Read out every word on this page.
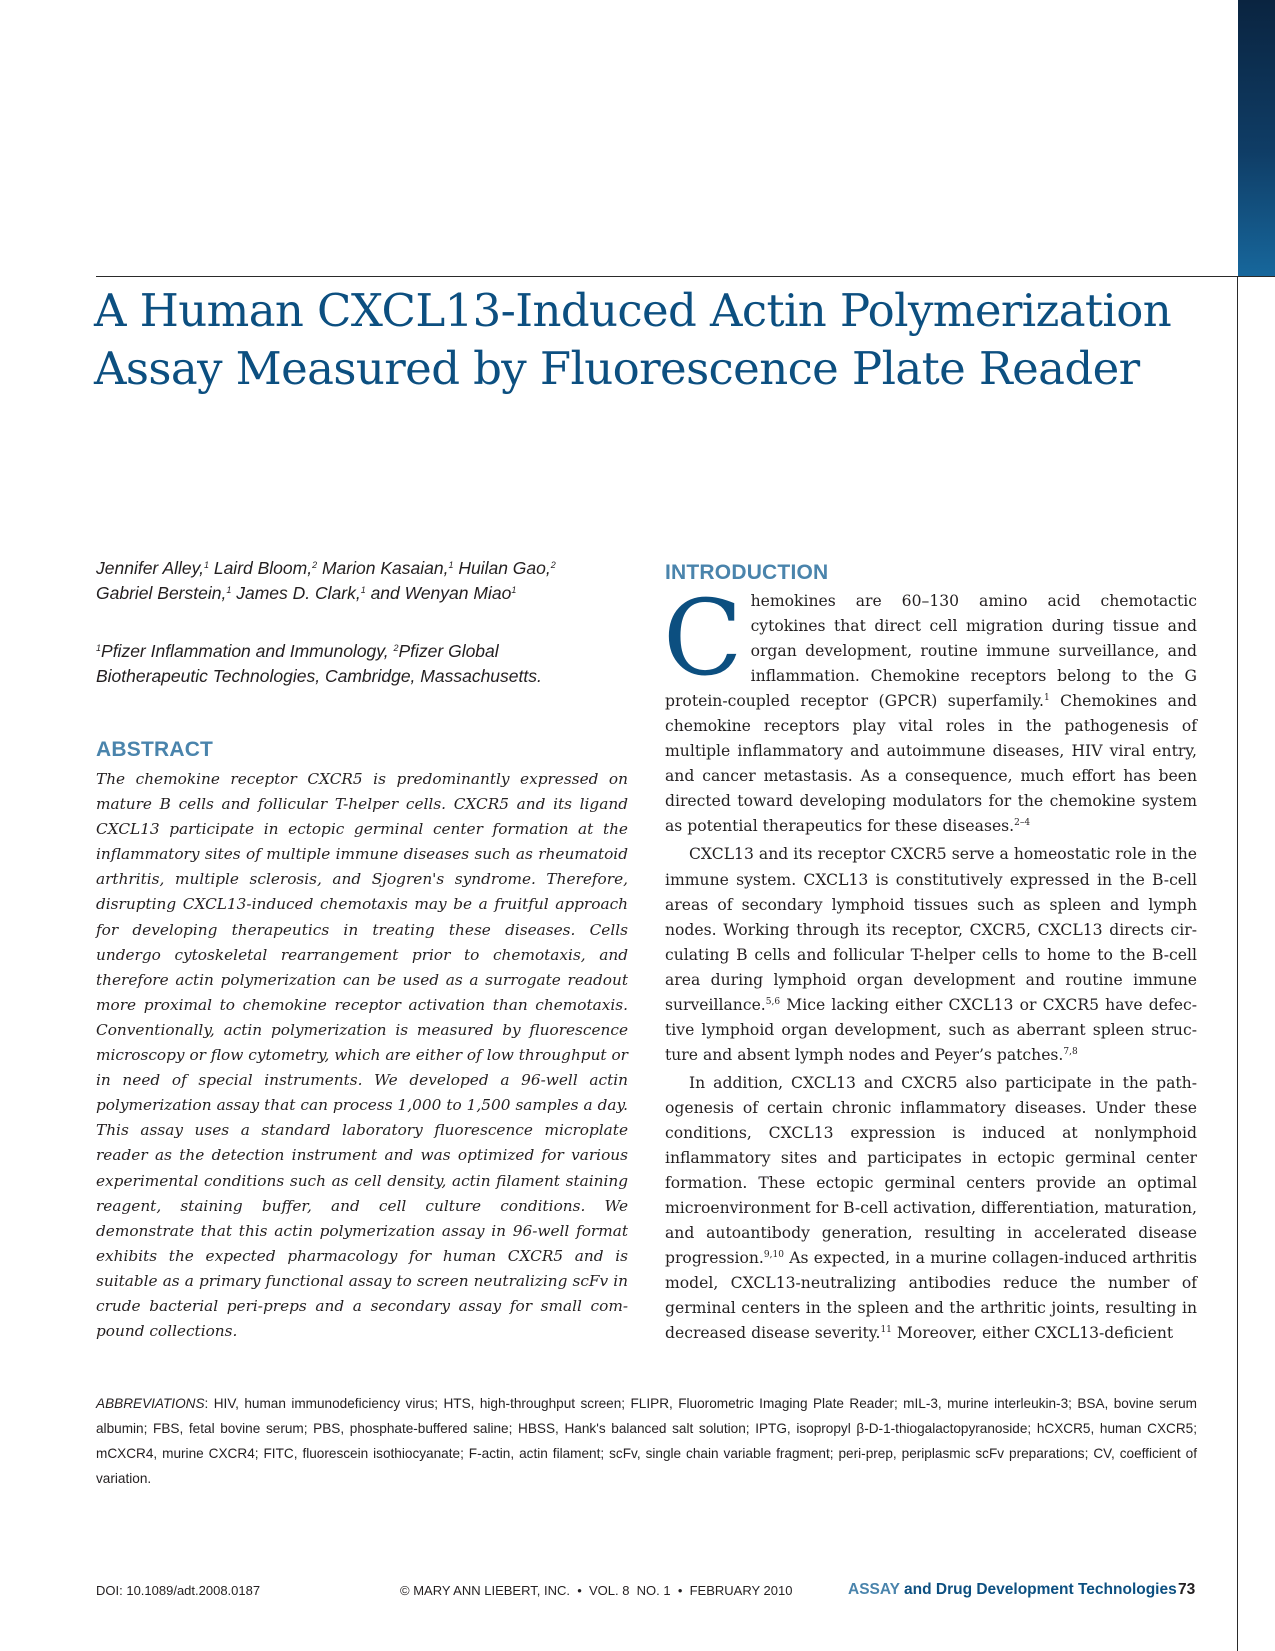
A Human CXCL13-Induced Actin Polymerization
Assay Measured by Fluorescence Plate Reader

Jennifer Alley,$^1$ Laird Bloom,$^2$ Marion Kasaian,$^1$ Huilan Gao,$^2$
Gabriel Berstein,$^1$ James D. Clark,$^1$ and Wenyan Miao$^1$

$^1$Pfizer Inflammation and Immunology, $^2$Pfizer Global
Biotherapeutic Technologies, Cambridge, Massachusetts.

ABSTRACT

The chemokine receptor CXCR5 is predominantly expressed on mature B cells and follicular T-helper cells. CXCR5 and its ligand CXCL13 participate in ectopic germinal center formation at the inflammatory sites of multiple immune diseases such as rheumatoid arthritis, multiple sclerosis, and Sjogren's syndrome. Therefore, disrupting CXCL13-induced chemotaxis may be a fruitful approach for developing therapeutics in treating these diseases. Cells undergo cytoskeletal rearrangement prior to chemotaxis, and therefore actin polymerization can be used as a surrogate readout more proximal to chemokine receptor activation than chemotaxis. Conventionally, actin polymerization is measured by fluorescence microscopy or flow cytometry, which are either of low throughput or in need of special instruments. We developed a 96-well actin polymerization assay that can process 1,000 to 1,500 samples a day. This assay uses a standard laboratory fluorescence microplate reader as the detection instrument and was optimized for various experimental conditions such as cell density, actin filament staining reagent, staining buffer, and cell culture conditions. We demonstrate that this actin polymerization assay in 96-well format exhibits the expected pharmacology for human CXCR5 and is suitable as a primary functional assay to screen neutralizing scFv in crude bacterial peri-preps and a secondary assay for small compound collections.

INTRODUCTION

Chemokines are 60–130 amino acid chemotactic cytokines that direct cell migration during tissue and organ development, routine immune surveillance, and inflammation. Chemokine receptors belong to the G protein-coupled receptor (GPCR) superfamily.$^1$ Chemokines and chemokine receptors play vital roles in the pathogenesis of multiple inflammatory and autoimmune diseases, HIV viral entry, and cancer metastasis. As a consequence, much effort has been directed toward developing modulators for the chemokine system as potential therapeutics for these diseases.$^{2-4}$

CXCL13 and its receptor CXCR5 serve a homeostatic role in the immune system. CXCL13 is constitutively expressed in the B-cell areas of secondary lymphoid tissues such as spleen and lymph nodes. Working through its receptor, CXCR5, CXCL13 directs circulating B cells and follicular T-helper cells to home to the B-cell area during lymphoid organ development and routine immune surveillance.$^{5,6}$ Mice lacking either CXCL13 or CXCR5 have defective lymphoid organ development, such as aberrant spleen structure and absent lymph nodes and Peyer’s patches.$^{7,8}$

In addition, CXCL13 and CXCR5 also participate in the pathogenesis of certain chronic inflammatory diseases. Under these conditions, CXCL13 expression is induced at nonlymphoid inflammatory sites and participates in ectopic germinal center formation. These ectopic germinal centers provide an optimal microenvironment for B-cell activation, differentiation, maturation, and autoantibody generation, resulting in accelerated disease progression.$^{9,10}$ As expected, in a murine collagen-induced arthritis model, CXCL13-neutralizing antibodies reduce the number of germinal centers in the spleen and the arthritic joints, resulting in decreased disease severity.$^{11}$ Moreover, either CXCL13-deficient

ABBREVIATIONS: HIV, human immunodeficiency virus; HTS, high-throughput screen; FLIPR, Fluorometric Imaging Plate Reader; mIL-3, murine interleukin-3; BSA, bovine serum albumin; FBS, fetal bovine serum; PBS, phosphate-buffered saline; HBSS, Hank's balanced salt solution; IPTG, isopropyl β-D-1-thiogalactopyranoside; hCXCR5, human CXCR5; mCXCR4, murine CXCR4; FITC, fluorescein isothiocyanate; F-actin, actin filament; scFv, single chain variable fragment; peri-prep, periplasmic scFv preparations; CV, coefficient of variation.

DOI: 10.1089/adt.2008.0187	© MARY ANN LIEBERT, INC.  •  VOL. 8  NO. 1  •  FEBRUARY 2010	ASSAY and Drug Development Technologies 73
